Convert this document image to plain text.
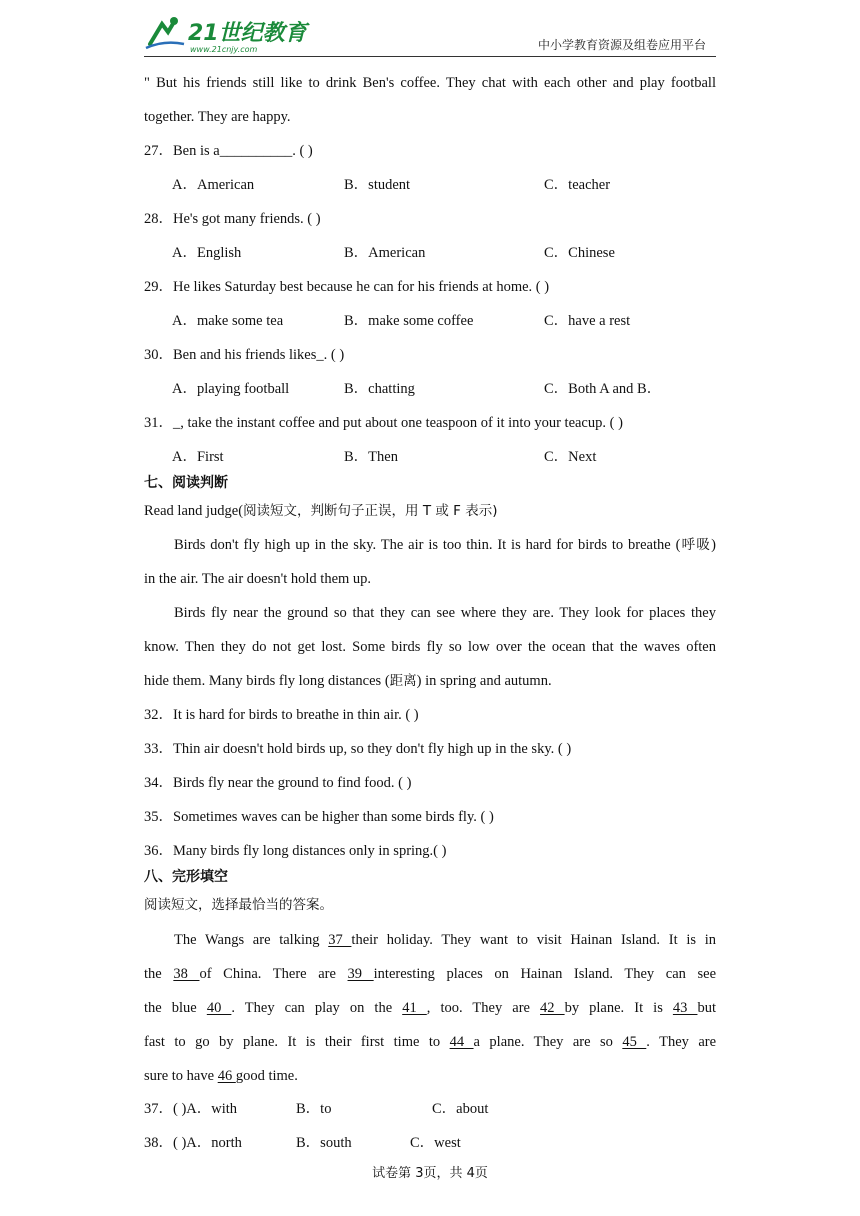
21世纪教育
www.21cnjy.com	中小学教育资源及组卷应用平台
" But his friends still like to drink Ben's coffee. They chat with each other and play football
together. They are happy.
27．Ben is a__________. ( )
A．American	B．student	C．teacher
28．He's got many friends. ( )
A．English	B．American	C．Chinese
29．He likes Saturday best because he can for his friends at home. ( )
A．make some tea	B．make some coffee	C．have a rest
30．Ben and his friends likes_. ( )
A．playing football	B．chatting	C．Both A and B．
31．_, take the instant coffee and put about one teaspoon of it into your teacup. ( )
A．First	B．Then	C．Next
七、阅读判断
Read land judge(阅读短文，判断句子正误，用 T 或 F 表示)
Birds don't fly high up in the sky. The air is too thin. It is hard for birds to breathe (呼吸)
in the air. The air doesn't hold them up.
Birds fly near the ground so that they can see where they are. They look for places they
know. Then they do not get lost. Some birds fly so low over the ocean that the waves often
hide them. Many birds fly long distances (距离) in spring and autumn.
32．It is hard for birds to breathe in thin air. ( )
33．Thin air doesn't hold birds up, so they don't fly high up in the sky. ( )
34．Birds fly near the ground to find food. ( )
35．Sometimes waves can be higher than some birds fly. ( )
36．Many birds fly long distances only in spring.( )
八、完形填空
阅读短文，选择最恰当的答案。
The Wangs are talking 37 their holiday. They want to visit Hainan Island. It is in
the 38 of China. There are 39 interesting places on Hainan Island. They can see
the blue 40 . They can play on the 41 , too. They are 42 by plane. It is 43 but
fast to go by plane. It is their first time to 44 a plane. They are so 45 . They are
sure to have 46 good time.
37．( )A．with	B．to	C．about
38．( )A．north	B．south	C．west
试卷第 3页，共 4页
